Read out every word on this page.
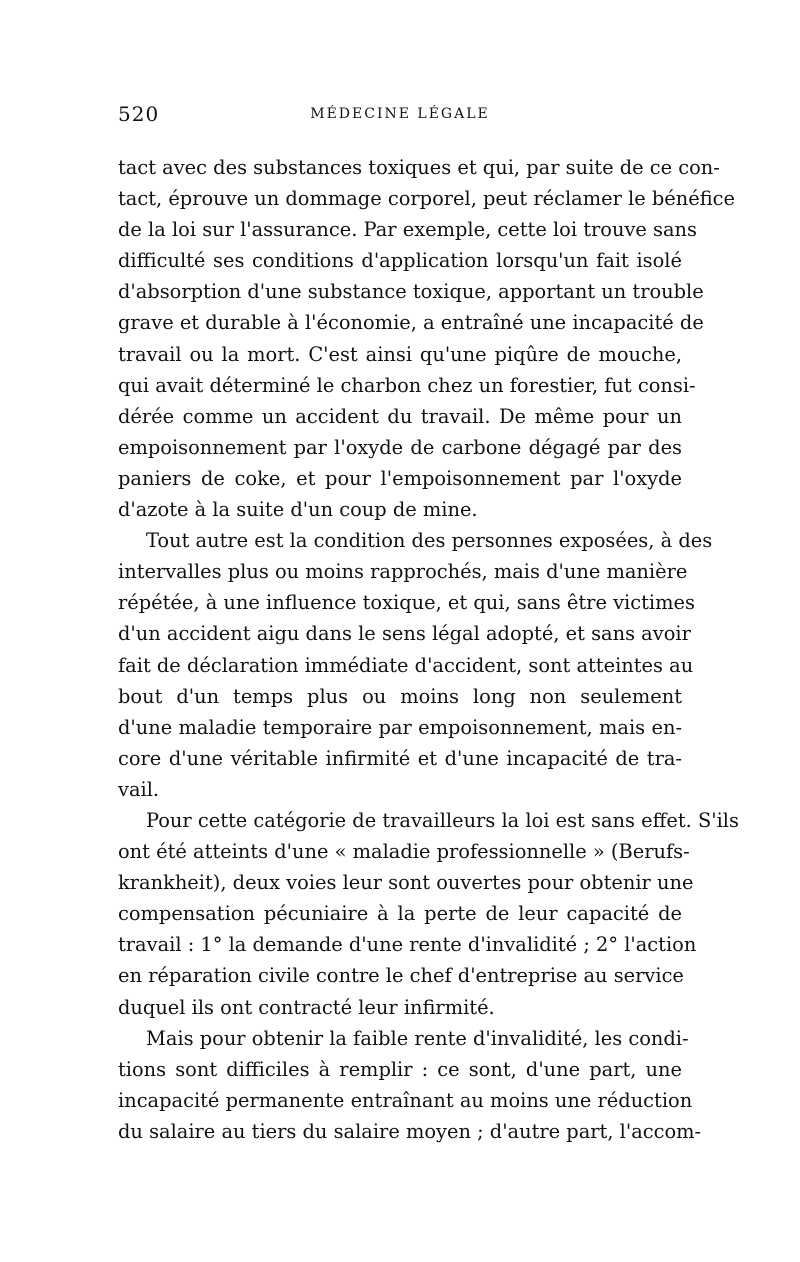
520	MÉDECINE LÉGALE

tact avec des substances toxiques et qui, par suite de ce con-
tact, éprouve un dommage corporel, peut réclamer le bénéfice
de la loi sur l'assurance. Par exemple, cette loi trouve sans
difficulté ses conditions d'application lorsqu'un fait isolé
d'absorption d'une substance toxique, apportant un trouble
grave et durable à l'économie, a entraîné une incapacité de
travail ou la mort. C'est ainsi qu'une piqûre de mouche,
qui avait déterminé le charbon chez un forestier, fut consi-
dérée comme un accident du travail. De même pour un
empoisonnement par l'oxyde de carbone dégagé par des
paniers de coke, et pour l'empoisonnement par l'oxyde
d'azote à la suite d'un coup de mine.

Tout autre est la condition des personnes exposées, à des
intervalles plus ou moins rapprochés, mais d'une manière
répétée, à une influence toxique, et qui, sans être victimes
d'un accident aigu dans le sens légal adopté, et sans avoir
fait de déclaration immédiate d'accident, sont atteintes au
bout d'un temps plus ou moins long non seulement
d'une maladie temporaire par empoisonnement, mais en-
core d'une véritable infirmité et d'une incapacité de tra-
vail.

Pour cette catégorie de travailleurs la loi est sans effet. S'ils
ont été atteints d'une « maladie professionnelle » (Berufs-
krankheit), deux voies leur sont ouvertes pour obtenir une
compensation pécuniaire à la perte de leur capacité de
travail : 1° la demande d'une rente d'invalidité ; 2° l'action
en réparation civile contre le chef d'entreprise au service
duquel ils ont contracté leur infirmité.

Mais pour obtenir la faible rente d'invalidité, les condi-
tions sont difficiles à remplir : ce sont, d'une part, une
incapacité permanente entraînant au moins une réduction
du salaire au tiers du salaire moyen ; d'autre part, l'accom-
